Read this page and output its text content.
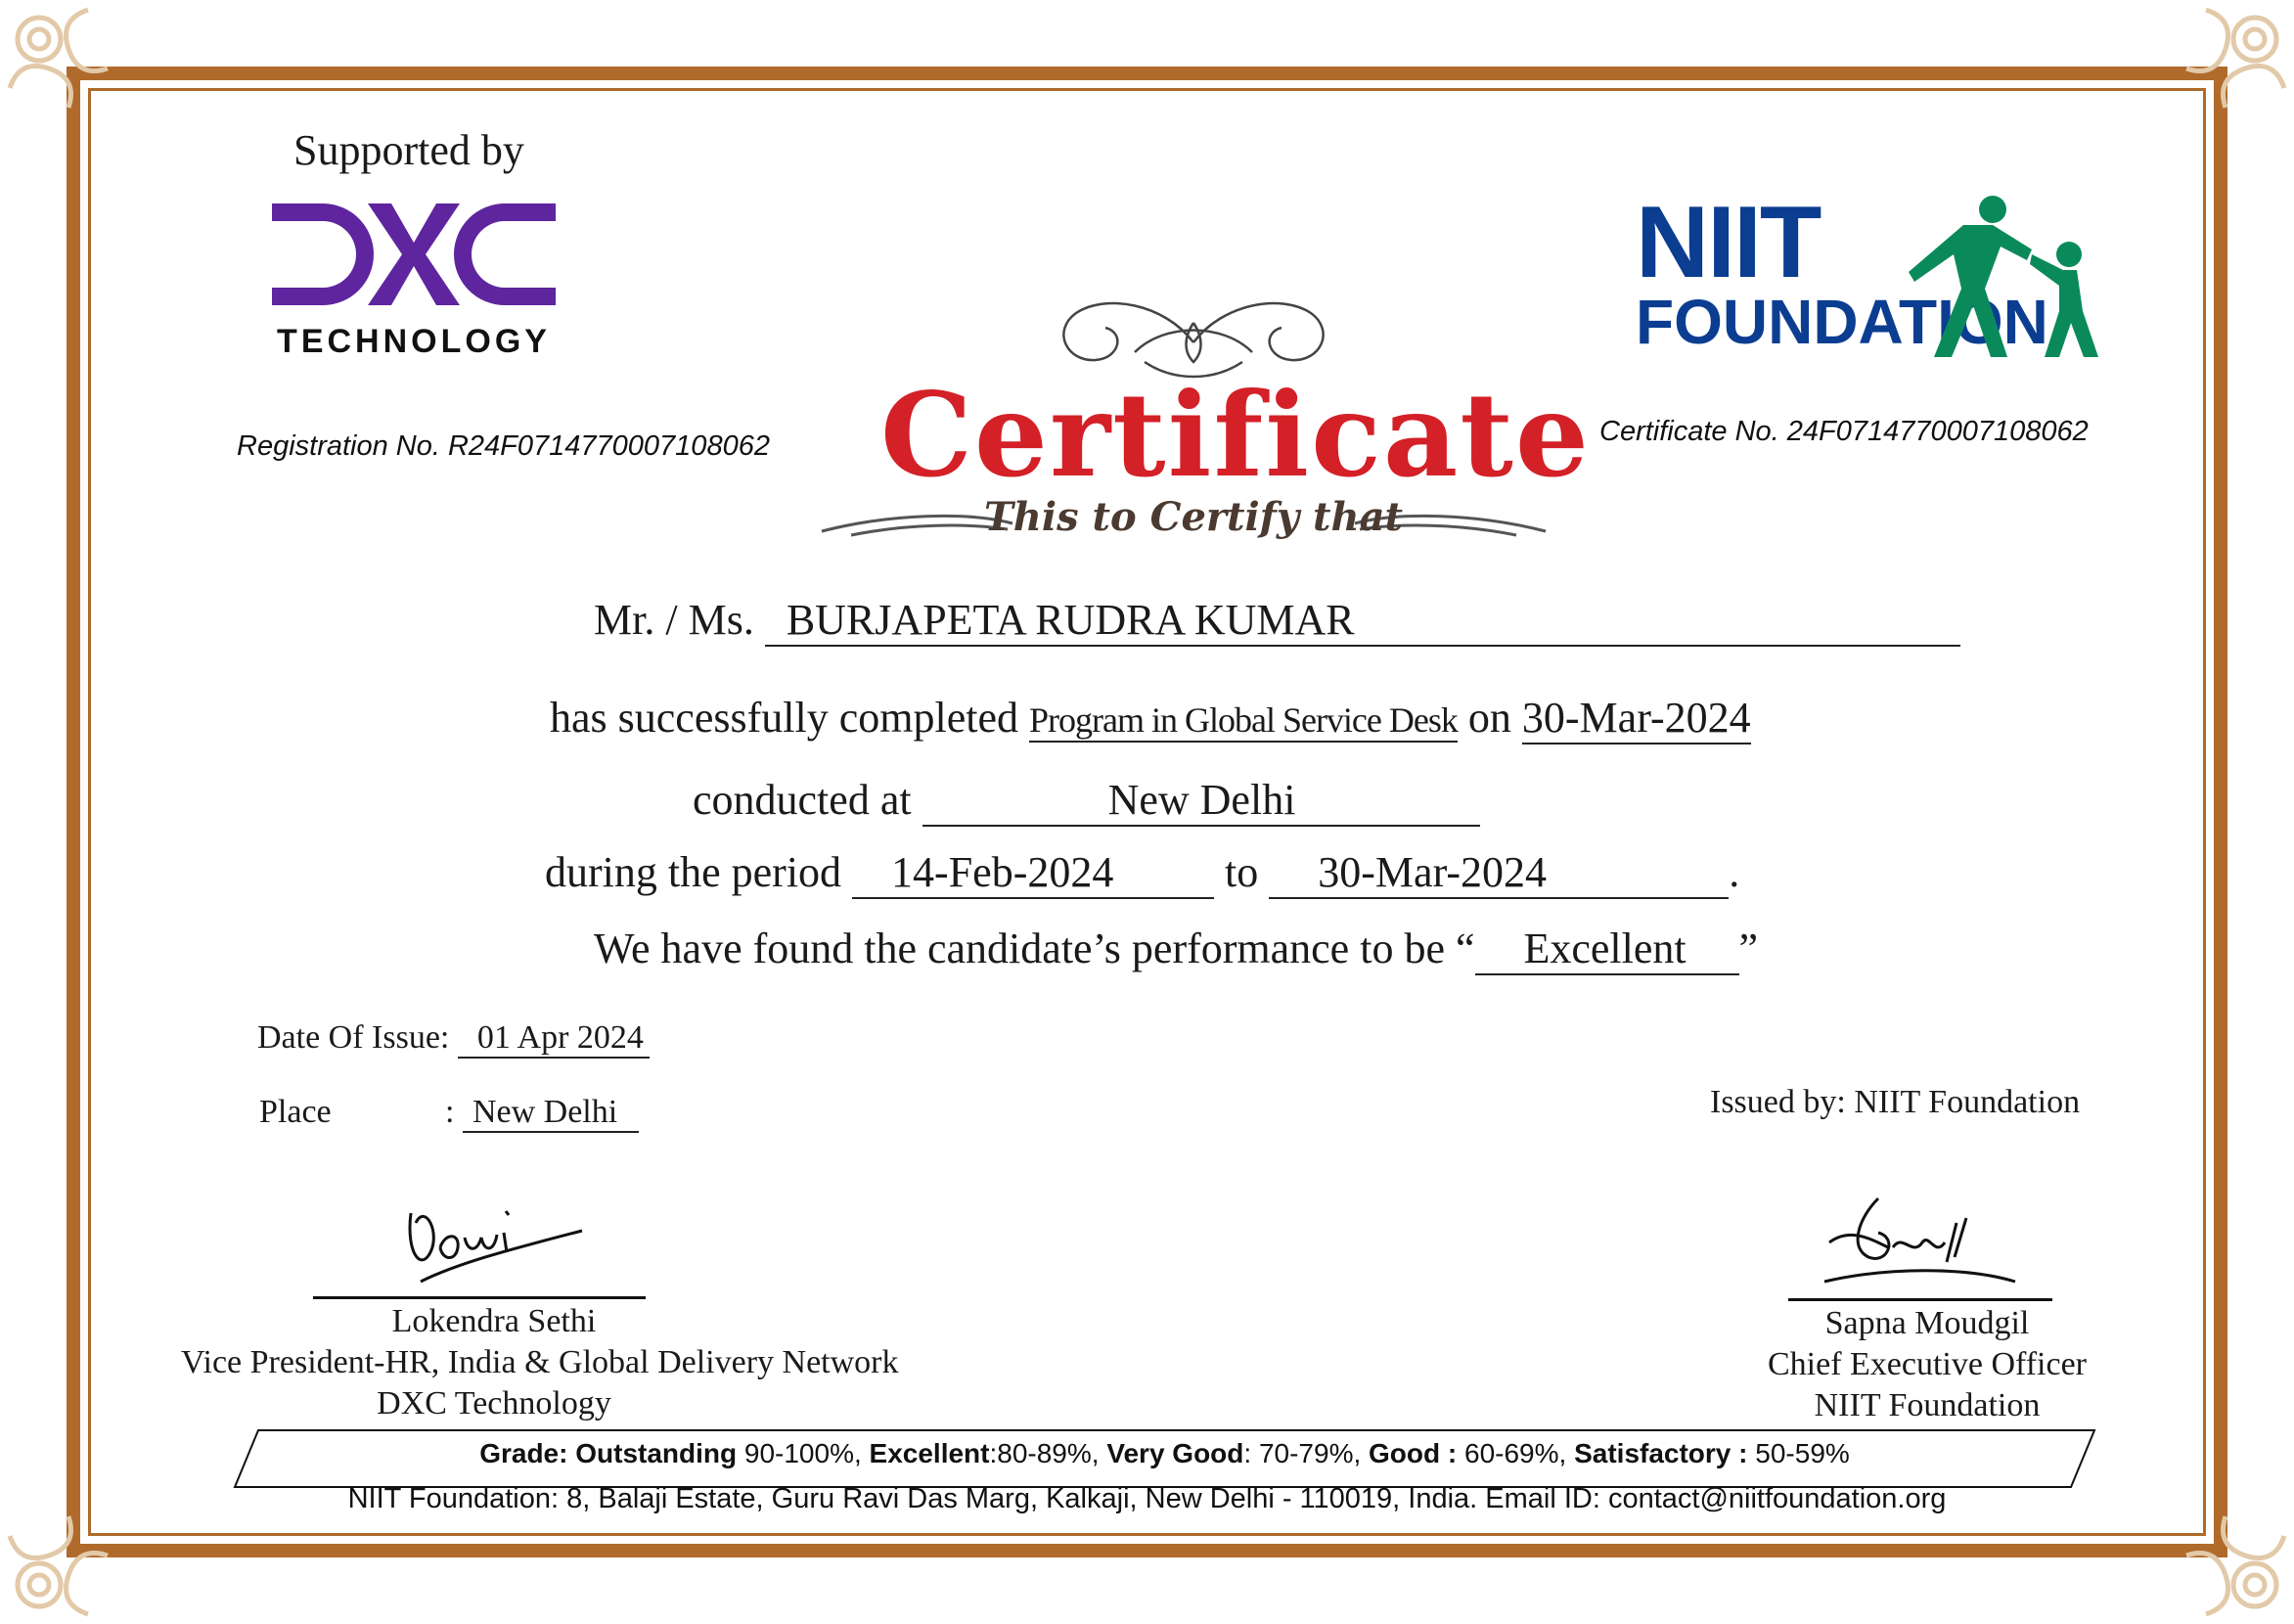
Supported by
TECHNOLOGY
Registration No. R24F0714770007108062
NIIT
FOUNDATION
Certificate No. 24F0714770007108062
Certificate
This to Certify that
Mr. / Ms. BURJAPETA RUDRA KUMAR
has successfully completed Program in Global Service Desk on 30-Mar-2024
conducted at	New Delhi
during the period 14-Feb-2024	to 30-Mar-2024	.
We have found the candidate’s performance to be “ Excellent ”
Date Of Issue: 01 Apr 2024
Place	: New Delhi	Issued by: NIIT Foundation
Lokendra Sethi
Vice President-HR, India & Global Delivery Network
DXC Technology
Sapna Moudgil
Chief Executive Officer
NIIT Foundation
Grade: Outstanding 90-100%, Excellent:80-89%, Very Good: 70-79%, Good : 60-69%, Satisfactory : 50-59%
NIIT Foundation: 8, Balaji Estate, Guru Ravi Das Marg, Kalkaji, New Delhi - 110019, India. Email ID: contact@niitfoundation.org
